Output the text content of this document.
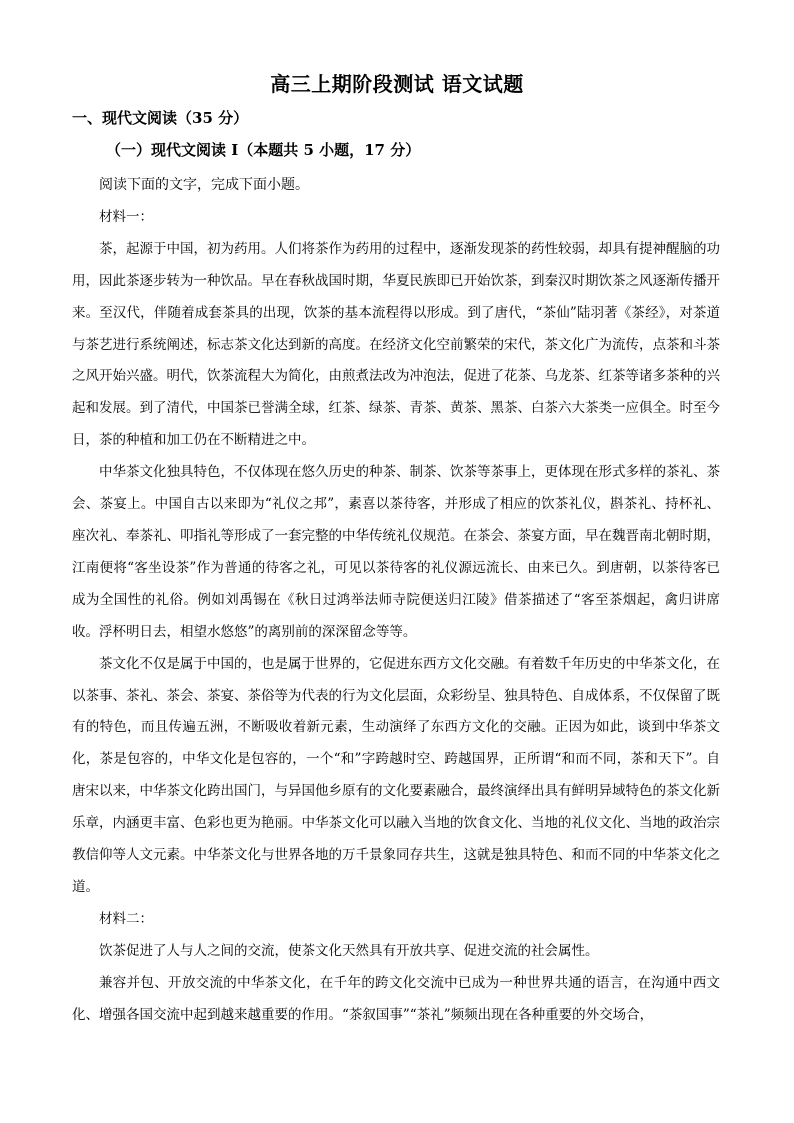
高三上期阶段测试 语文试题
一、现代文阅读（35 分）
（一）现代文阅读 I（本题共 5 小题，17 分）

阅读下面的文字，完成下面小题。

材料一：

茶，起源于中国，初为药用。人们将茶作为药用的过程中，逐渐发现茶的药性较弱，却具有提神醒脑的功用，因此茶逐步转为一种饮品。早在春秋战国时期，华夏民族即已开始饮茶，到秦汉时期饮茶之风逐渐传播开来。至汉代，伴随着成套茶具的出现，饮茶的基本流程得以形成。到了唐代，“茶仙”陆羽著《茶经》，对茶道与茶艺进行系统阐述，标志茶文化达到新的高度。在经济文化空前繁荣的宋代，茶文化广为流传，点茶和斗茶之风开始兴盛。明代，饮茶流程大为简化，由煎煮法改为冲泡法，促进了花茶、乌龙茶、红茶等诸多茶种的兴起和发展。到了清代，中国茶已誉满全球，红茶、绿茶、青茶、黄茶、黑茶、白茶六大茶类一应俱全。时至今日，茶的种植和加工仍在不断精进之中。

中华茶文化独具特色，不仅体现在悠久历史的种茶、制茶、饮茶等茶事上，更体现在形式多样的茶礼、茶会、茶宴上。中国自古以来即为“礼仪之邦”，素喜以茶待客，并形成了相应的饮茶礼仪，斟茶礼、持杯礼、座次礼、奉茶礼、叩指礼等形成了一套完整的中华传统礼仪规范。在茶会、茶宴方面，早在魏晋南北朝时期，江南便将“客坐设茶”作为普通的待客之礼，可见以茶待客的礼仪源远流长、由来已久。到唐朝，以茶待客已成为全国性的礼俗。例如刘禹锡在《秋日过鸿举法师寺院便送归江陵》借茶描述了“客至茶烟起，禽归讲席收。浮杯明日去，相望水悠悠”的离别前的深深留念等等。

茶文化不仅是属于中国的，也是属于世界的，它促进东西方文化交融。有着数千年历史的中华茶文化，在以茶事、茶礼、茶会、茶宴、茶俗等为代表的行为文化层面，众彩纷呈、独具特色、自成体系，不仅保留了既有的特色，而且传遍五洲，不断吸收着新元素，生动演绎了东西方文化的交融。正因为如此，谈到中华茶文化，茶是包容的，中华文化是包容的，一个“和”字跨越时空、跨越国界，正所谓“和而不同，茶和天下”。自唐宋以来，中华茶文化跨出国门，与异国他乡原有的文化要素融合，最终演绎出具有鲜明异域特色的茶文化新乐章，内涵更丰富、色彩也更为艳丽。中华茶文化可以融入当地的饮食文化、当地的礼仪文化、当地的政治宗教信仰等人文元素。中华茶文化与世界各地的万千景象同存共生，这就是独具特色、和而不同的中华茶文化之道。

材料二：

饮茶促进了人与人之间的交流，使茶文化天然具有开放共享、促进交流的社会属性。

兼容并包、开放交流的中华茶文化，在千年的跨文化交流中已成为一种世界共通的语言，在沟通中西文化、增强各国交流中起到越来越重要的作用。“茶叙国事”“茶礼”频频出现在各种重要的外交场合，
